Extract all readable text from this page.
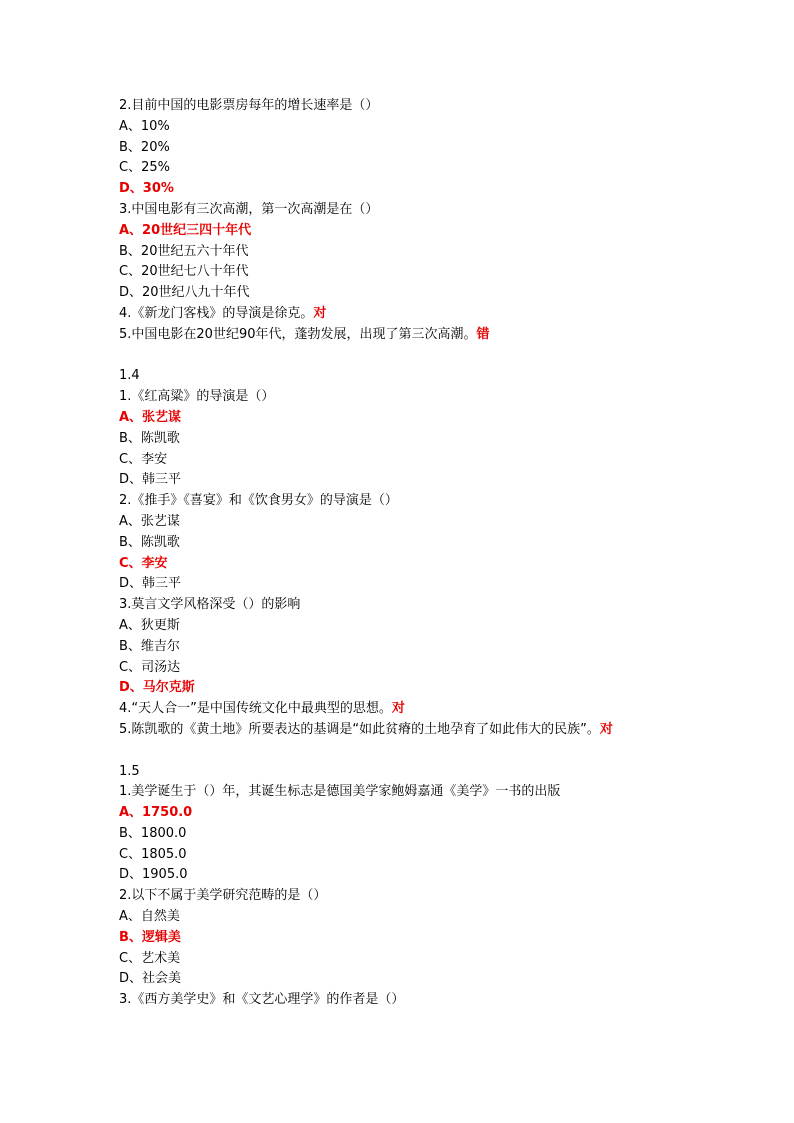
2.目前中国的电影票房每年的增长速率是（）
A、10%
B、20%
C、25%
D、30%
3.中国电影有三次高潮，第一次高潮是在（）
A、20世纪三四十年代
B、20世纪五六十年代
C、20世纪七八十年代
D、20世纪八九十年代
4.《新龙门客栈》的导演是徐克。对
5.中国电影在20世纪90年代，蓬勃发展，出现了第三次高潮。错
1.4
1.《红高粱》的导演是（）
A、张艺谋
B、陈凯歌
C、李安
D、韩三平
2.《推手》《喜宴》和《饮食男女》的导演是（）
A、张艺谋
B、陈凯歌
C、李安
D、韩三平
3.莫言文学风格深受（）的影响
A、狄更斯
B、维吉尔
C、司汤达
D、马尔克斯
4.“天人合一”是中国传统文化中最典型的思想。对
5.陈凯歌的《黄土地》所要表达的基调是“如此贫瘠的土地孕育了如此伟大的民族”。对
1.5
1.美学诞生于（）年，其诞生标志是德国美学家鲍姆嘉通《美学》一书的出版
A、1750.0
B、1800.0
C、1805.0
D、1905.0
2.以下不属于美学研究范畴的是（）
A、自然美
B、逻辑美
C、艺术美
D、社会美
3.《西方美学史》和《文艺心理学》的作者是（）
